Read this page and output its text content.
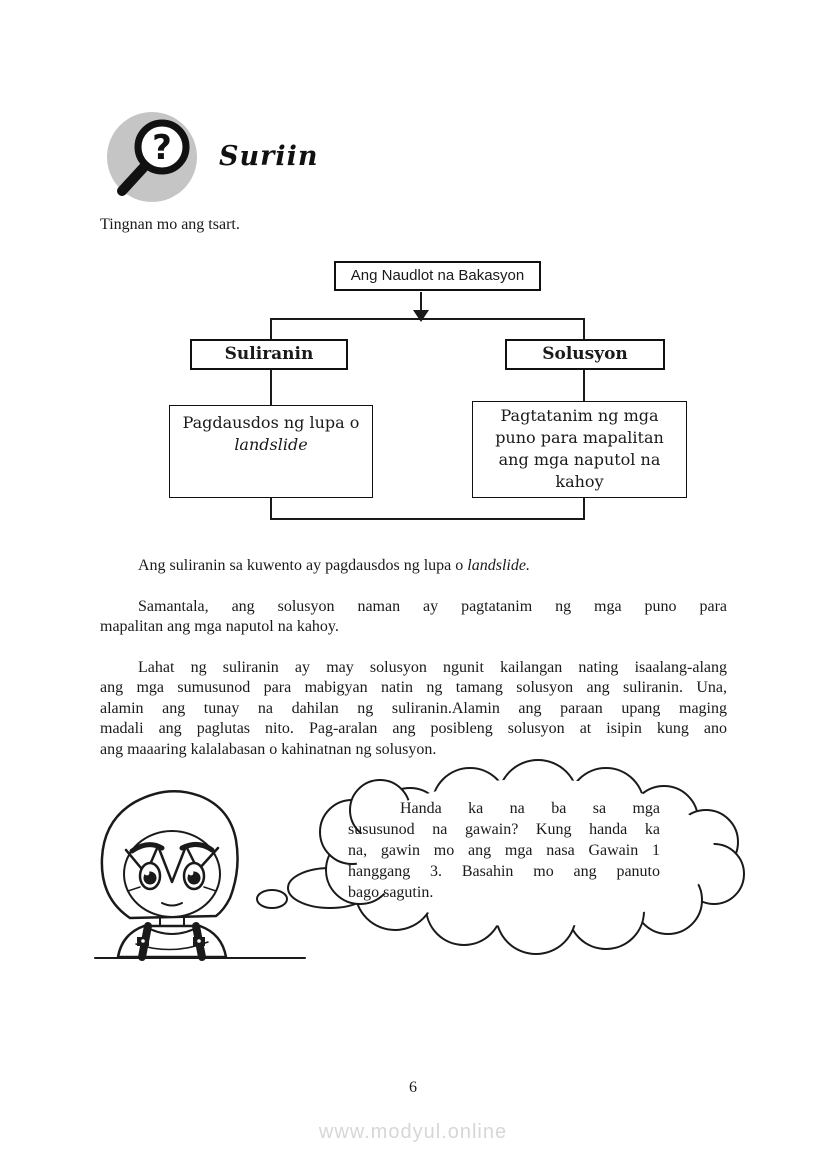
? Suriin
Tingnan mo ang tsart.
Ang Naudlot na Bakasyon
Suliranin	Solusyon
Pagdausdos ng lupa o
landslide
Pagtatanim ng mga
puno para mapalitan
ang mga naputol na
kahoy

Ang suliranin sa kuwento ay pagdausdos ng lupa o landslide.

Samantala, ang solusyon naman ay pagtatanim ng mga puno para
mapalitan ang mga naputol na kahoy.

Lahat ng suliranin ay may solusyon ngunit kailangan nating isaalang-alang
ang mga sumusunod para mabigyan natin ng tamang solusyon ang suliranin. Una,
alamin ang tunay na dahilan ng suliranin.Alamin ang paraan upang maging
madali ang paglutas nito. Pag-aralan ang posibleng solusyon at isipin kung ano
ang maaaring kalalabasan o kahinatnan ng solusyon.

Handa ka na ba sa mga
sususunod na gawain? Kung handa ka
na, gawin mo ang mga nasa Gawain 1
hanggang 3. Basahin mo ang panuto
bago sagutin.
6
www.modyul.online
